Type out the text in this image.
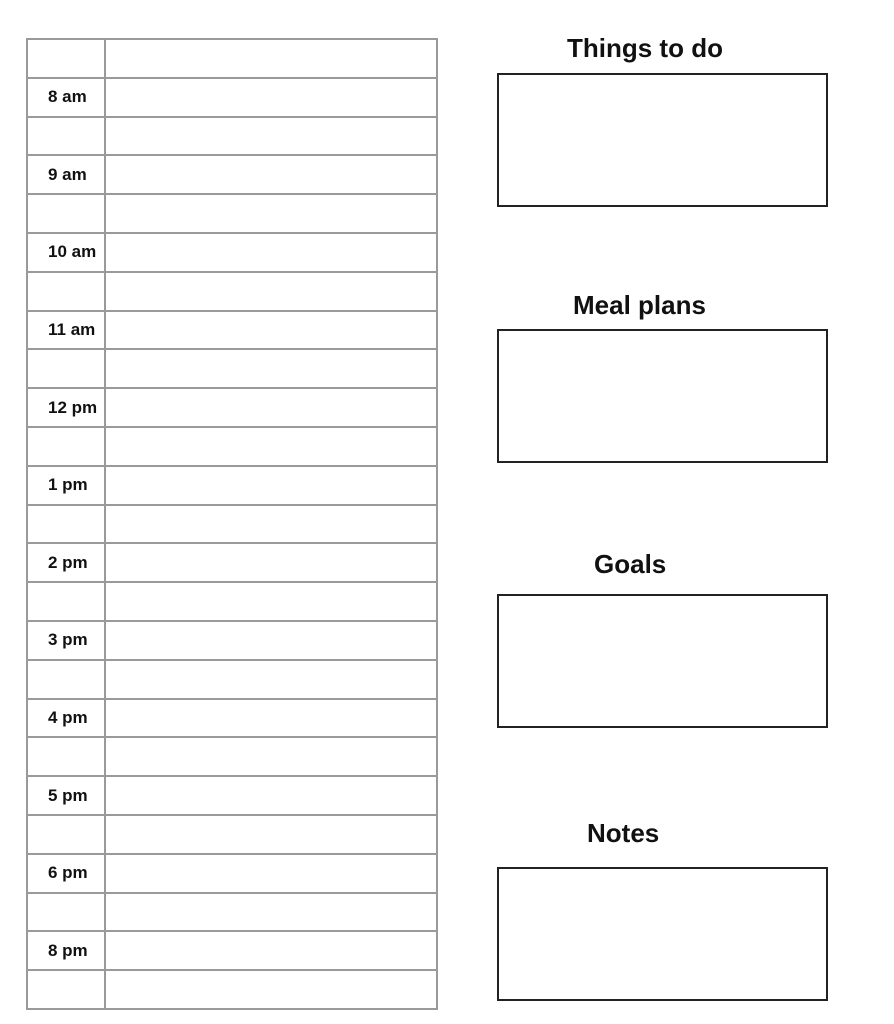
8 am	

9 am	

10 am	

11 am	

12 pm	

1 pm	

2 pm	

3 pm	

4 pm	

5 pm	

6 pm	

8 pm	

Things to do
Meal plans
Goals
Notes
